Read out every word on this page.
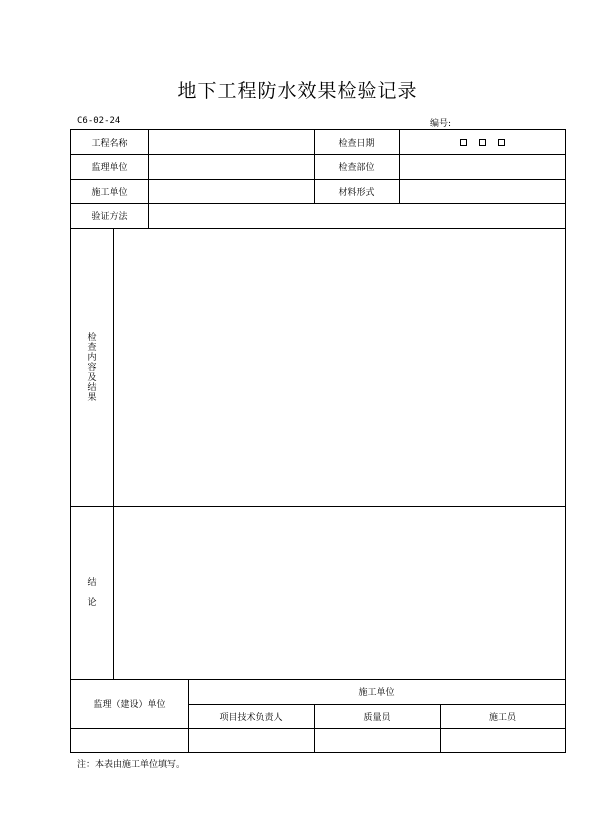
地下工程防水效果检验记录
C6-02-24	编号:
工程名称	检查日期
监理单位	检查部位
施工单位	材料形式
验证方法
检
查
内
容
及
结
果
结
论
监理（建设）单位
施工单位
项目技术负责人	质量员	施工员
注：本表由施工单位填写。
